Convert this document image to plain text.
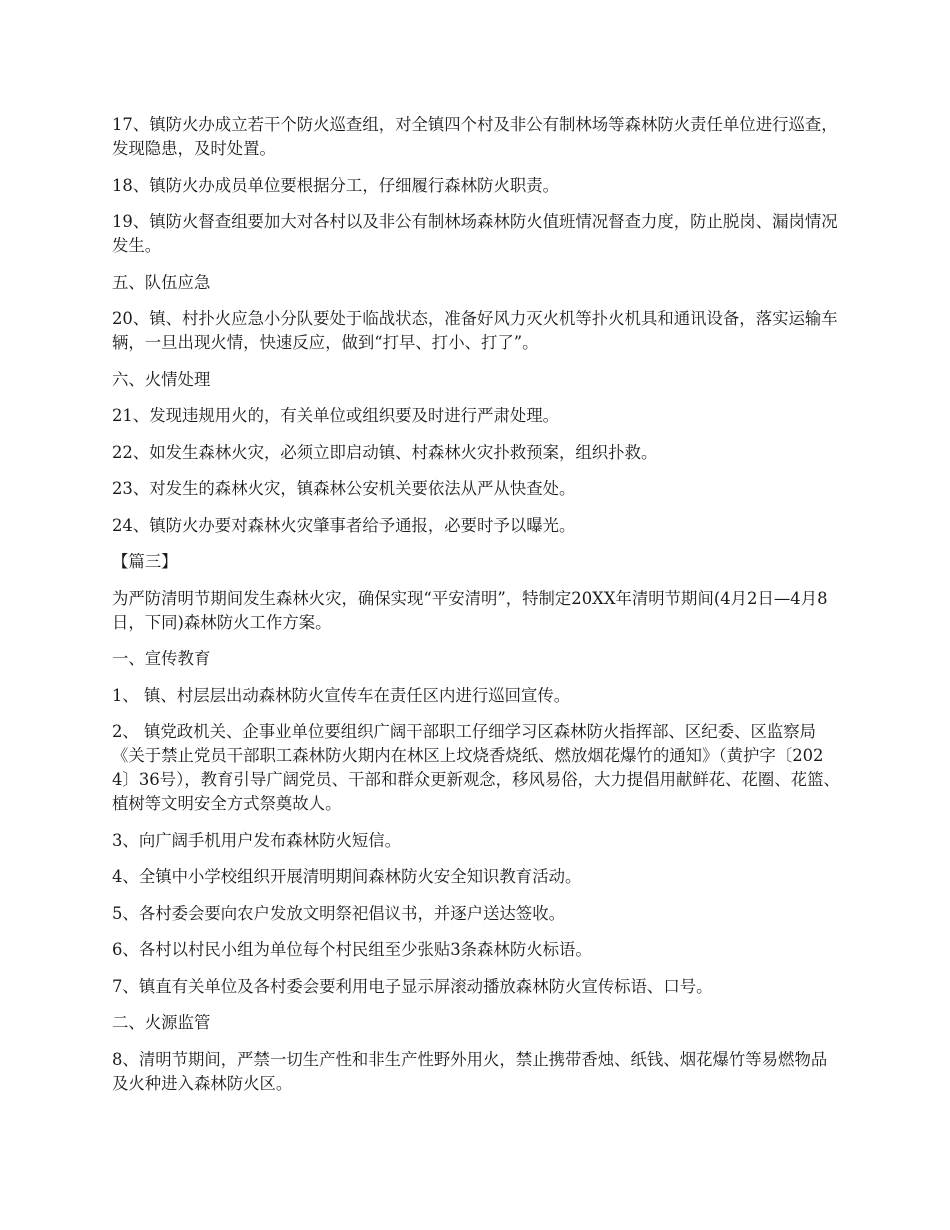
17、镇防火办成立若干个防火巡查组，对全镇四个村及非公有制林场等森林防火责任单位进行巡查，发现隐患，及时处置。

18、镇防火办成员单位要根据分工，仔细履行森林防火职责。

19、镇防火督查组要加大对各村以及非公有制林场森林防火值班情况督查力度，防止脱岗、漏岗情况发生。

五、队伍应急

20、镇、村扑火应急小分队要处于临战状态，准备好风力灭火机等扑火机具和通讯设备，落实运输车辆，一旦出现火情，快速反应，做到“打早、打小、打了”。

六、火情处理

21、发现违规用火的，有关单位或组织要及时进行严肃处理。

22、如发生森林火灾，必须立即启动镇、村森林火灾扑救预案，组织扑救。

23、对发生的森林火灾，镇森林公安机关要依法从严从快查处。

24、镇防火办要对森林火灾肇事者给予通报，必要时予以曝光。

【篇三】

为严防清明节期间发生森林火灾，确保实现“平安清明”，特制定20XX年清明节期间(4月2日—4月8日，下同)森林防火工作方案。

一、宣传教育

1、 镇、村层层出动森林防火宣传车在责任区内进行巡回宣传。

2、 镇党政机关、企事业单位要组织广阔干部职工仔细学习区森林防火指挥部、区纪委、区监察局《关于禁止党员干部职工森林防火期内在林区上坟烧香烧纸、燃放烟花爆竹的通知》（黄护字〔2024〕36号），教育引导广阔党员、干部和群众更新观念，移风易俗，大力提倡用献鲜花、花圈、花篮、植树等文明安全方式祭奠故人。

3、向广阔手机用户发布森林防火短信。

4、全镇中小学校组织开展清明期间森林防火安全知识教育活动。

5、各村委会要向农户发放文明祭祀倡议书，并逐户送达签收。

6、各村以村民小组为单位每个村民组至少张贴3条森林防火标语。

7、镇直有关单位及各村委会要利用电子显示屏滚动播放森林防火宣传标语、口号。

二、火源监管

8、清明节期间，严禁一切生产性和非生产性野外用火，禁止携带香烛、纸钱、烟花爆竹等易燃物品及火种进入森林防火区。
